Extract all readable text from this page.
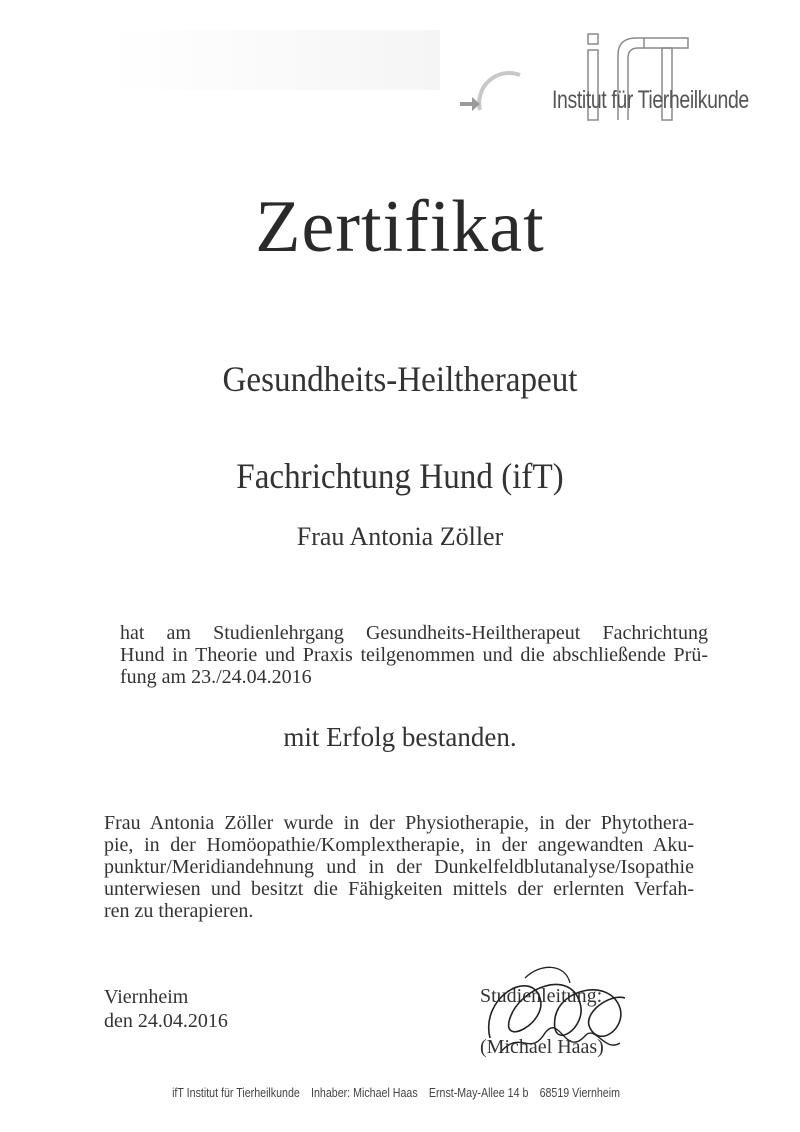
Institut für Tierheilkunde
Zertifikat
Gesundheits-Heiltherapeut
Fachrichtung Hund (ifT)
Frau Antonia Zöller
hat am Studienlehrgang Gesundheits-Heiltherapeut Fachrichtung
Hund in Theorie und Praxis teilgenommen und die abschließende Prü-
fung am 23./24.04.2016
mit Erfolg bestanden.
Frau Antonia Zöller wurde in der Physiotherapie, in der Phytothera-
pie, in der Homöopathie/Komplextherapie, in der angewandten Aku-
punktur/Meridiandehnung und in der Dunkelfeldblutanalyse/Isopathie
unterwiesen und besitzt die Fähigkeiten mittels der erlernten Verfah-
ren zu therapieren.
Viernheim
den 24.04.2016
Studienleitung:
(Michael Haas)
ifT Institut für Tierheilkunde Inhaber: Michael Haas Ernst-May-Allee 14 b 68519 Viernheim
